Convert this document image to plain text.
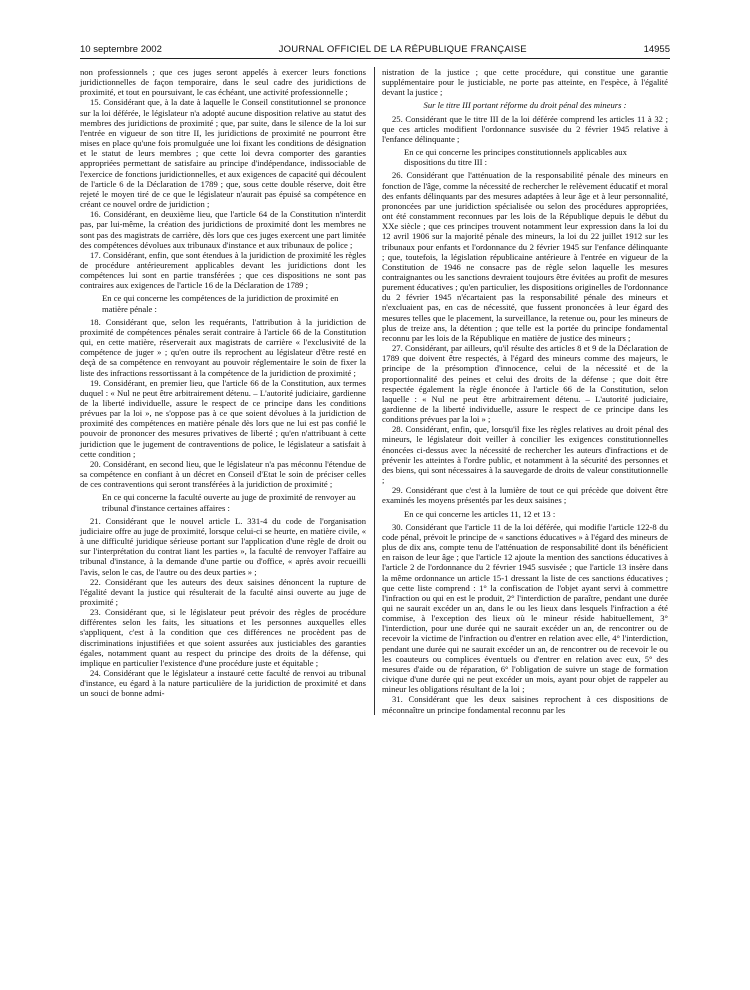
10 septembre 2002	JOURNAL OFFICIEL DE LA RÉPUBLIQUE FRANÇAISE	14955

non professionnels ; que ces juges seront appelés à exercer leurs fonctions juridictionnelles de façon temporaire, dans le seul cadre des juridictions de proximité, et tout en poursuivant, le cas échéant, une activité professionnelle ;

15. Considérant que, à la date à laquelle le Conseil constitutionnel se prononce sur la loi déférée, le législateur n'a adopté aucune disposition relative au statut des membres des juridictions de proximité ; que, par suite, dans le silence de la loi sur l'entrée en vigueur de son titre II, les juridictions de proximité ne pourront être mises en place qu'une fois promulguée une loi fixant les conditions de désignation et le statut de leurs membres ; que cette loi devra comporter des garanties appropriées permettant de satisfaire au principe d'indépendance, indissociable de l'exercice de fonctions juridictionnelles, et aux exigences de capacité qui découlent de l'article 6 de la Déclaration de 1789 ; que, sous cette double réserve, doit être rejeté le moyen tiré de ce que le législateur n'aurait pas épuisé sa compétence en créant ce nouvel ordre de juridiction ;

16. Considérant, en deuxième lieu, que l'article 64 de la Constitution n'interdit pas, par lui-même, la création des juridictions de proximité dont les membres ne sont pas des magistrats de carrière, dès lors que ces juges exercent une part limitée des compétences dévolues aux tribunaux d'instance et aux tribunaux de police ;

17. Considérant, enfin, que sont étendues à la juridiction de proximité les règles de procédure antérieurement applicables devant les juridictions dont les compétences lui sont en partie transférées ; que ces dispositions ne sont pas contraires aux exigences de l'article 16 de la Déclaration de 1789 ;

En ce qui concerne les compétences de la juridiction de proximité en matière pénale :

18. Considérant que, selon les requérants, l'attribution à la juridiction de proximité de compétences pénales serait contraire à l'article 66 de la Constitution qui, en cette matière, réserverait aux magistrats de carrière « l'exclusivité de la compétence de juger » ; qu'en outre ils reprochent au législateur d'être resté en deçà de sa compétence en renvoyant au pouvoir réglementaire le soin de fixer la liste des infractions ressortissant à la compétence de la juridiction de proximité ;

19. Considérant, en premier lieu, que l'article 66 de la Constitution, aux termes duquel : « Nul ne peut être arbitrairement détenu. – L'autorité judiciaire, gardienne de la liberté individuelle, assure le respect de ce principe dans les conditions prévues par la loi », ne s'oppose pas à ce que soient dévolues à la juridiction de proximité des compétences en matière pénale dès lors que ne lui est pas confié le pouvoir de prononcer des mesures privatives de liberté ; qu'en n'attribuant à cette juridiction que le jugement de contraventions de police, le législateur a satisfait à cette condition ;

20. Considérant, en second lieu, que le législateur n'a pas méconnu l'étendue de sa compétence en confiant à un décret en Conseil d'Etat le soin de préciser celles de ces contraventions qui seront transférées à la juridiction de proximité ;

En ce qui concerne la faculté ouverte au juge de proximité de renvoyer au tribunal d'instance certaines affaires :

21. Considérant que le nouvel article L. 331-4 du code de l'organisation judiciaire offre au juge de proximité, lorsque celui-ci se heurte, en matière civile, « à une difficulté juridique sérieuse portant sur l'application d'une règle de droit ou sur l'interprétation du contrat liant les parties », la faculté de renvoyer l'affaire au tribunal d'instance, à la demande d'une partie ou d'office, « après avoir recueilli l'avis, selon le cas, de l'autre ou des deux parties » ;

22. Considérant que les auteurs des deux saisines dénoncent la rupture de l'égalité devant la justice qui résulterait de la faculté ainsi ouverte au juge de proximité ;

23. Considérant que, si le législateur peut prévoir des règles de procédure différentes selon les faits, les situations et les personnes auxquelles elles s'appliquent, c'est à la condition que ces différences ne procèdent pas de discriminations injustifiées et que soient assurées aux justiciables des garanties égales, notamment quant au respect du principe des droits de la défense, qui implique en particulier l'existence d'une procédure juste et équitable ;

24. Considérant que le législateur a instauré cette faculté de renvoi au tribunal d'instance, eu égard à la nature particulière de la juridiction de proximité et dans un souci de bonne admi-

nistration de la justice ; que cette procédure, qui constitue une garantie supplémentaire pour le justiciable, ne porte pas atteinte, en l'espèce, à l'égalité devant la justice ;

Sur le titre III portant réforme du droit pénal des mineurs :

25. Considérant que le titre III de la loi déférée comprend les articles 11 à 32 ; que ces articles modifient l'ordonnance susvisée du 2 février 1945 relative à l'enfance délinquante ;

En ce qui concerne les principes constitutionnels applicables aux dispositions du titre III :

26. Considérant que l'atténuation de la responsabilité pénale des mineurs en fonction de l'âge, comme la nécessité de rechercher le relèvement éducatif et moral des enfants délinquants par des mesures adaptées à leur âge et à leur personnalité, prononcées par une juridiction spécialisée ou selon des procédures appropriées, ont été constamment reconnues par les lois de la République depuis le début du XXe siècle ; que ces principes trouvent notamment leur expression dans la loi du 12 avril 1906 sur la majorité pénale des mineurs, la loi du 22 juillet 1912 sur les tribunaux pour enfants et l'ordonnance du 2 février 1945 sur l'enfance délinquante ; que, toutefois, la législation républicaine antérieure à l'entrée en vigueur de la Constitution de 1946 ne consacre pas de règle selon laquelle les mesures contraignantes ou les sanctions devraient toujours être évitées au profit de mesures purement éducatives ; qu'en particulier, les dispositions originelles de l'ordonnance du 2 février 1945 n'écartaient pas la responsabilité pénale des mineurs et n'excluaient pas, en cas de nécessité, que fussent prononcées à leur égard des mesures telles que le placement, la surveillance, la retenue ou, pour les mineurs de plus de treize ans, la détention ; que telle est la portée du principe fondamental reconnu par les lois de la République en matière de justice des mineurs ;

27. Considérant, par ailleurs, qu'il résulte des articles 8 et 9 de la Déclaration de 1789 que doivent être respectés, à l'égard des mineurs comme des majeurs, le principe de la présomption d'innocence, celui de la nécessité et de la proportionnalité des peines et celui des droits de la défense ; que doit être respectée également la règle énoncée à l'article 66 de la Constitution, selon laquelle : « Nul ne peut être arbitrairement détenu. – L'autorité judiciaire, gardienne de la liberté individuelle, assure le respect de ce principe dans les conditions prévues par la loi » ;

28. Considérant, enfin, que, lorsqu'il fixe les règles relatives au droit pénal des mineurs, le législateur doit veiller à concilier les exigences constitutionnelles énoncées ci-dessus avec la nécessité de rechercher les auteurs d'infractions et de prévenir les atteintes à l'ordre public, et notamment à la sécurité des personnes et des biens, qui sont nécessaires à la sauvegarde de droits de valeur constitutionnelle ;

29. Considérant que c'est à la lumière de tout ce qui précède que doivent être examinés les moyens présentés par les deux saisines ;

En ce qui concerne les articles 11, 12 et 13 :

30. Considérant que l'article 11 de la loi déférée, qui modifie l'article 122-8 du code pénal, prévoit le principe de « sanctions éducatives » à l'égard des mineurs de plus de dix ans, compte tenu de l'atténuation de responsabilité dont ils bénéficient en raison de leur âge ; que l'article 12 ajoute la mention des sanctions éducatives à l'article 2 de l'ordonnance du 2 février 1945 susvisée ; que l'article 13 insère dans la même ordonnance un article 15-1 dressant la liste de ces sanctions éducatives ; que cette liste comprend : 1° la confiscation de l'objet ayant servi à commettre l'infraction ou qui en est le produit, 2° l'interdiction de paraître, pendant une durée qui ne saurait excéder un an, dans le ou les lieux dans lesquels l'infraction a été commise, à l'exception des lieux où le mineur réside habituellement, 3° l'interdiction, pour une durée qui ne saurait excéder un an, de rencontrer ou de recevoir la victime de l'infraction ou d'entrer en relation avec elle, 4° l'interdiction, pendant une durée qui ne saurait excéder un an, de rencontrer ou de recevoir le ou les coauteurs ou complices éventuels ou d'entrer en relation avec eux, 5° des mesures d'aide ou de réparation, 6° l'obligation de suivre un stage de formation civique d'une durée qui ne peut excéder un mois, ayant pour objet de rappeler au mineur les obligations résultant de la loi ;

31. Considérant que les deux saisines reprochent à ces dispositions de méconnaître un principe fondamental reconnu par les
